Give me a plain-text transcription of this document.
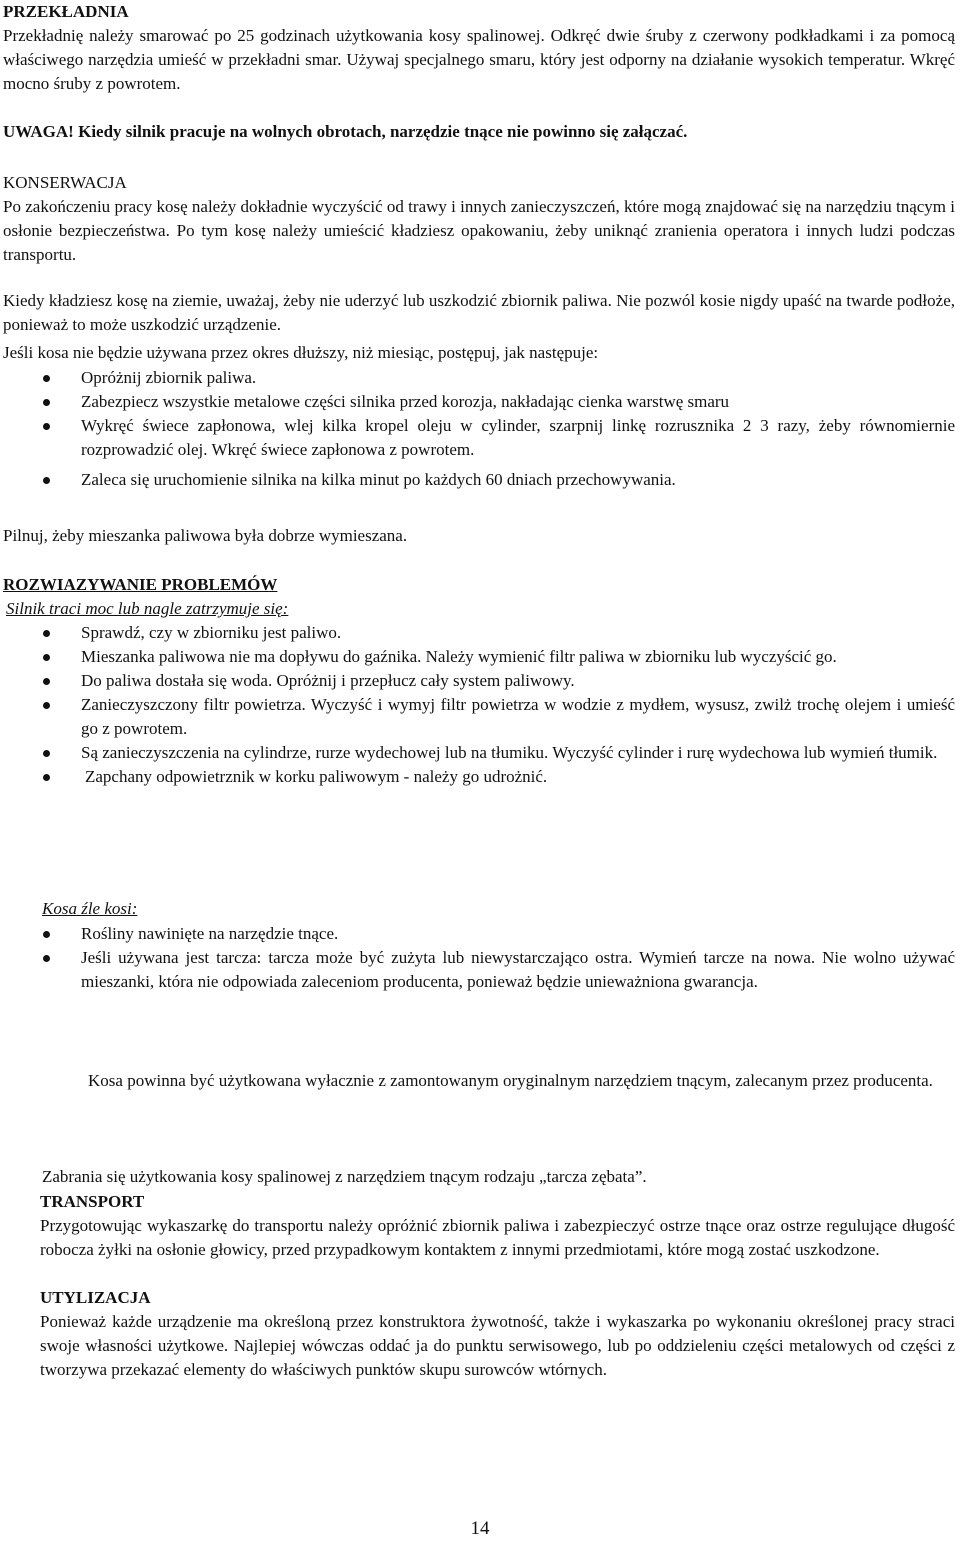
PRZEKŁADNIA

Przekładnię należy smarować po 25 godzinach użytkowania kosy spalinowej. Odkręć dwie śruby z czerwony podkładkami i za pomocą właściwego narzędzia umieść w przekładni smar. Używaj specjalnego smaru, który jest odporny na działanie wysokich temperatur. Wkręć mocno śruby z powrotem.

UWAGA! Kiedy silnik pracuje na wolnych obrotach, narzędzie tnące nie powinno się załączać.

KONSERWACJA

Po zakończeniu pracy kosę należy dokładnie wyczyścić od trawy i innych zanieczyszczeń, które mogą znajdować się na narzędziu tnącym i osłonie bezpieczeństwa. Po tym kosę należy umieścić kładziesz opakowaniu, żeby uniknąć zranienia operatora i innych ludzi podczas transportu.

Kiedy kładziesz kosę na ziemie, uważaj, żeby nie uderzyć lub uszkodzić zbiornik paliwa. Nie pozwól kosie nigdy upaść na twarde podłoże, ponieważ to może uszkodzić urządzenie.

Jeśli kosa nie będzie używana przez okres dłuższy, niż miesiąc, postępuj, jak następuje:

Opróżnij zbiornik paliwa.
Zabezpiecz wszystkie metalowe części silnika przed korozja, nakładając cienka warstwę smaru
Wykręć świece zapłonowa, wlej kilka kropel oleju w cylinder, szarpnij linkę rozrusznika 2 3 razy, żeby równomiernie rozprowadzić olej. Wkręć świece zapłonowa z powrotem.
Zaleca się uruchomienie silnika na kilka minut po każdych 60 dniach przechowywania.

Pilnuj, żeby mieszanka paliwowa była dobrze wymieszana.

ROZWIAZYWANIE PROBLEMÓW
Silnik traci moc lub nagle zatrzymuje się:
Sprawdź, czy w zbiorniku jest paliwo.
Mieszanka paliwowa nie ma dopływu do gaźnika. Należy wymienić filtr paliwa w zbiorniku lub wyczyścić go.
Do paliwa dostała się woda. Opróżnij i przepłucz cały system paliwowy.
Zanieczyszczony filtr powietrza. Wyczyść i wymyj filtr powietrza w wodzie z mydłem, wysusz, zwilż trochę olejem i umieść go z powrotem.
Są zanieczyszczenia na cylindrze, rurze wydechowej lub na tłumiku. Wyczyść cylinder i rurę wydechowa lub wymień tłumik.
Zapchany odpowietrznik w korku paliwowym - należy go udrożnić.

Kosa źle kosi:

Rośliny nawinięte na narzędzie tnące.
Jeśli używana jest tarcza: tarcza może być zużyta lub niewystarczająco ostra. Wymień tarcze na nowa. Nie wolno używać mieszanki, która nie odpowiada zaleceniom producenta, ponieważ będzie unieważniona gwarancja.

Kosa powinna być użytkowana wyłacznie z zamontowanym oryginalnym narzędziem tnącym, zalecanym przez producenta.

Zabrania się użytkowania kosy spalinowej z narzędziem tnącym rodzaju „tarcza zębata”.

TRANSPORT

Przygotowując wykaszarkę do transportu należy opróżnić zbiornik paliwa i zabezpieczyć ostrze tnące oraz ostrze regulujące długość robocza żyłki na osłonie głowicy, przed przypadkowym kontaktem z innymi przedmiotami, które mogą zostać uszkodzone.

UTYLIZACJA

Ponieważ każde urządzenie ma określoną przez konstruktora żywotność, także i wykaszarka po wykonaniu określonej pracy straci swoje własności użytkowe. Najlepiej wówczas oddać ja do punktu serwisowego, lub po oddzieleniu części metalowych od części z tworzywa przekazać elementy do właściwych punktów skupu surowców wtórnych.

14
